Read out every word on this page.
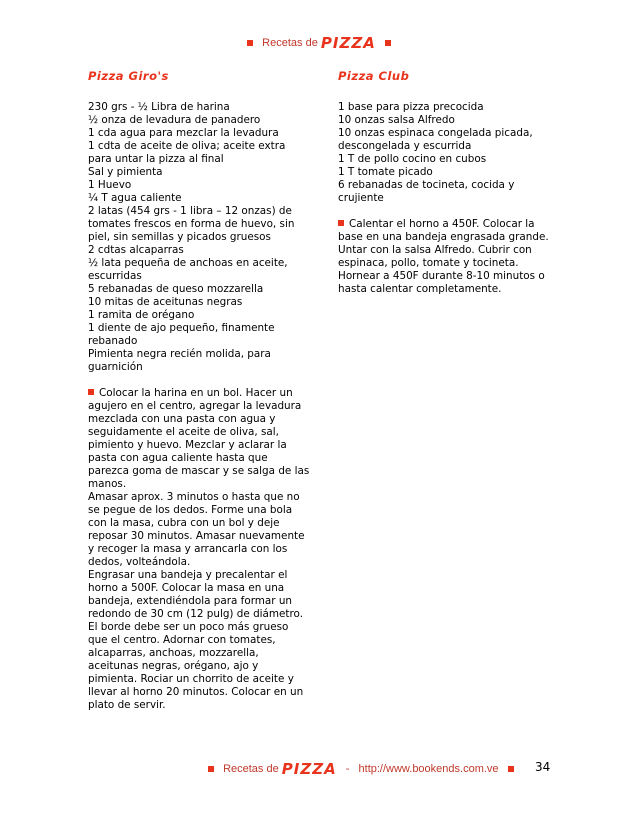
Recetas de PIZZA
Pizza Giro's
230 grs - ½ Libra de harina
½ onza de levadura de panadero
1 cda agua para mezclar la levadura
1 cdta de aceite de oliva; aceite extra para untar la pizza al final
Sal y pimienta
1 Huevo
¼ T agua caliente
2 latas (454 grs - 1 libra – 12 onzas) de tomates frescos en forma de huevo, sin piel, sin semillas y picados gruesos
2 cdtas alcaparras
½ lata pequeña de anchoas en aceite, escurridas
5 rebanadas de queso mozzarella
10 mitas de aceitunas negras
1 ramita de orégano
1 diente de ajo pequeño, finamente rebanado
Pimienta negra recién molida, para guarnición
Colocar la harina en un bol. Hacer un agujero en el centro, agregar la levadura mezclada con una pasta con agua y seguidamente el aceite de oliva, sal, pimiento y huevo. Mezclar y aclarar la pasta con agua caliente hasta que parezca goma de mascar y se salga de las manos.
Amasar aprox. 3 minutos o hasta que no se pegue de los dedos. Forme una bola con la masa, cubra con un bol y deje reposar 30 minutos. Amasar nuevamente y recoger la masa y arrancarla con los dedos, volteándola.
Engrasar una bandeja y precalentar el horno a 500F. Colocar la masa en una bandeja, extendiéndola para formar un redondo de 30 cm (12 pulg) de diámetro. El borde debe ser un poco más grueso que el centro. Adornar con tomates, alcaparras, anchoas, mozzarella, aceitunas negras, orégano, ajo y pimienta. Rociar un chorrito de aceite y llevar al horno 20 minutos. Colocar en un plato de servir.
Pizza Club
1 base para pizza precocida
10 onzas salsa Alfredo
10 onzas espinaca congelada picada, descongelada y escurrida
1 T de pollo cocino en cubos
1 T tomate picado
6 rebanadas de tocineta, cocida y crujiente
Calentar el horno a 450F. Colocar la base en una bandeja engrasada grande. Untar con la salsa Alfredo. Cubrir con espinaca, pollo, tomate y tocineta. Hornear a 450F durante 8-10 minutos o hasta calentar completamente.
Recetas de PIZZA - http://www.bookends.com.ve	34
